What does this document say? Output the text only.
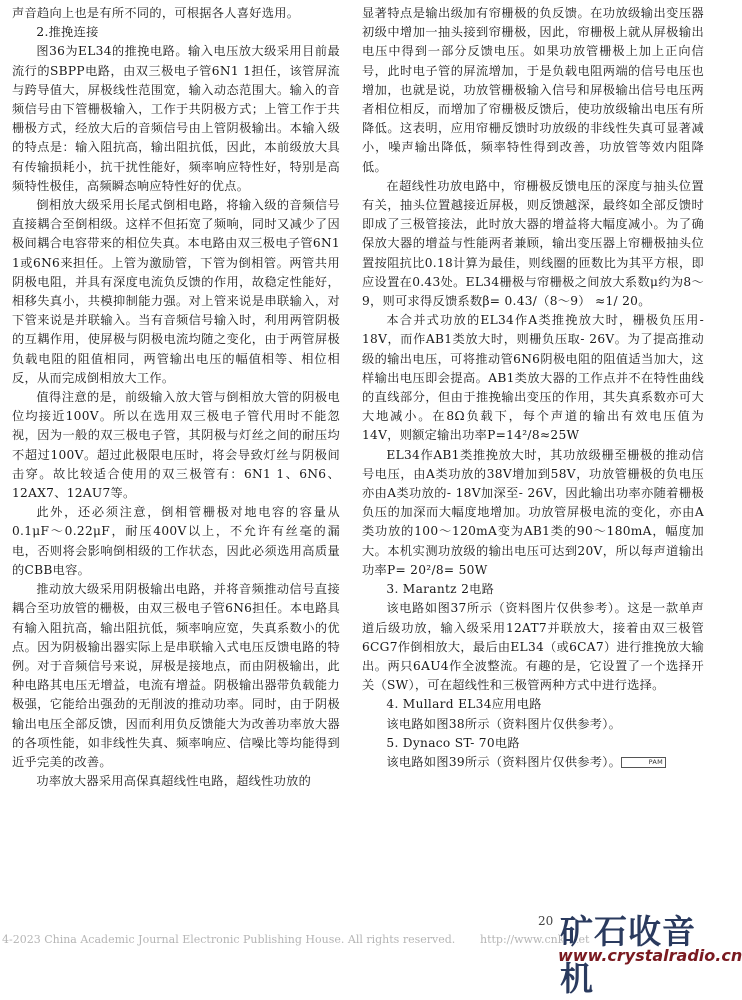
声音趋向上也是有所不同的，可根据各人喜好选用。

2.推挽连接

图36为EL34的推挽电路。输入电压放大级采用目前最流行的SBPP电路，由双三极电子管6N1 1担任，该管屏流与跨导值大，屏极线性范围宽，输入动态范围大。输入的音频信号由下管栅极输入，工作于共阴极方式；上管工作于共栅极方式，经放大后的音频信号由上管阴极输出。本输入级的特点是：输入阻抗高，输出阻抗低，因此，本前级放大具有传输损耗小，抗干扰性能好，频率响应特性好，特别是高频特性极佳，高频瞬态响应特性好的优点。

倒相放大级采用长尾式倒相电路，将输入级的音频信号直接耦合至倒相级。这样不但拓宽了频响，同时又减少了因极间耦合电容带来的相位失真。本电路由双三极电子管6N1 1或6N6来担任。上管为激励管，下管为倒相管。两管共用阴极电阻，并具有深度电流负反馈的作用，故稳定性能好，相移失真小，共模抑制能力强。对上管来说是串联输入，对下管来说是并联输入。当有音频信号输入时，利用两管阴极的互耦作用，使屏极与阴极电流均随之变化，由于两管屏极负载电阻的阻值相同，两管输出电压的幅值相等、相位相反，从而完成倒相放大工作。

值得注意的是，前级输入放大管与倒相放大管的阴极电位均接近100V。所以在选用双三极电子管代用时不能忽视，因为一般的双三极电子管，其阴极与灯丝之间的耐压均不超过100V。超过此极限电压时，将会导致灯丝与阴极间击穿。故比较适合使用的双三极管有：6N1 1、6N6、12AX7、12AU7等。

此外，还必须注意，倒相管栅极对地电容的容量从0.1μF～0.22μF，耐压400V以上，不允许有丝毫的漏电，否则将会影响倒相级的工作状态，因此必须选用高质量的CBB电容。

推动放大级采用阴极输出电路，并将音频推动信号直接耦合至功放管的栅极，由双三极电子管6N6担任。本电路具有输入阻抗高，输出阻抗低，频率响应宽，失真系数小的优点。因为阴极输出器实际上是串联输入式电压反馈电路的特例。对于音频信号来说，屏极是接地点，而由阴极输出，此种电路其电压无增益，电流有增益。阴极输出器带负载能力极强，它能给出强劲的无削波的推动功率。同时，由于阴极输出电压全部反馈，因而利用负反馈能大为改善功率放大器的各项性能，如非线性失真、频率响应、信噪比等均能得到近乎完美的改善。

功率放大器采用高保真超线性电路，超线性功放的

显著特点是输出级加有帘栅极的负反馈。在功放级输出变压器初级中增加一抽头接到帘栅极，因此，帘栅极上就从屏极输出电压中得到一部分反馈电压。如果功放管栅极上加上正向信号，此时电子管的屏流增加，于是负载电阻两端的信号电压也增加，也就是说，功放管栅极输入信号和屏极输出信号电压两者相位相反，而增加了帘栅极反馈后，使功放级输出电压有所降低。这表明，应用帘栅反馈时功放级的非线性失真可显著减小，噪声输出降低，频率特性得到改善，功放管等效内阻降低。

在超线性功放电路中，帘栅极反馈电压的深度与抽头位置有关，抽头位置越接近屏极，则反馈越深，最终如全部反馈时即成了三极管接法，此时放大器的增益将大幅度减小。为了确保放大器的增益与性能两者兼顾，输出变压器上帘栅极抽头位置按阻抗比0.18计算为最佳，则线圈的匝数比为其平方根，即应设置在0.43处。EL34栅极与帘栅极之间放大系数μ约为8～9，则可求得反馈系数β= 0.43/（8～9） ≈1/ 20。

本合并式功放的EL34作A类推挽放大时，栅极负压用- 18V，而作AB1类放大时，则栅负压取- 26V。为了提高推动级的输出电压，可将推动管6N6阴极电阻的阻值适当加大，这样输出电压即会提高。AB1类放大器的工作点并不在特性曲线的直线部分，但由于推挽输出变压的作用，其失真系数亦可大大地减小。在8Ω负载下，每个声道的输出有效电压值为14V，则额定输出功率P=14²/8≈25W

EL34作AB1类推挽放大时，其功放级栅至栅极的推动信号电压，由A类功放的38V增加到58V，功放管栅极的负电压亦由A类功放的- 18V加深至- 26V，因此输出功率亦随着栅极负压的加深而大幅度地增加。功放管屏极电流的变化，亦由A类功放的100～120mA变为AB1类的90～180mA，幅度加大。本机实测功放级的输出电压可达到20V，所以每声道输出功率P= 20²/8= 50W

3. Marantz 2电路

该电路如图37所示（资料图片仅供参考）。这是一款单声道后级功放，输入级采用12AT7并联放大，接着由双三极管6CG7作倒相放大，最后由EL34（或6CA7）进行推挽放大输出。两只6AU4作全波整流。有趣的是，它设置了一个选择开关（SW），可在超线性和三极管两种方式中进行选择。

4. Mullard EL34应用电路

该电路如图38所示（资料图片仅供参考）。

5. Dynaco ST- 70电路

该电路如图39所示（资料图片仅供参考）。	PAM

20
4-2023 China Academic Journal Electronic Publishing House. All rights reserved. http://www.cnki.net
矿石收音机
www.crystalradio.cn
